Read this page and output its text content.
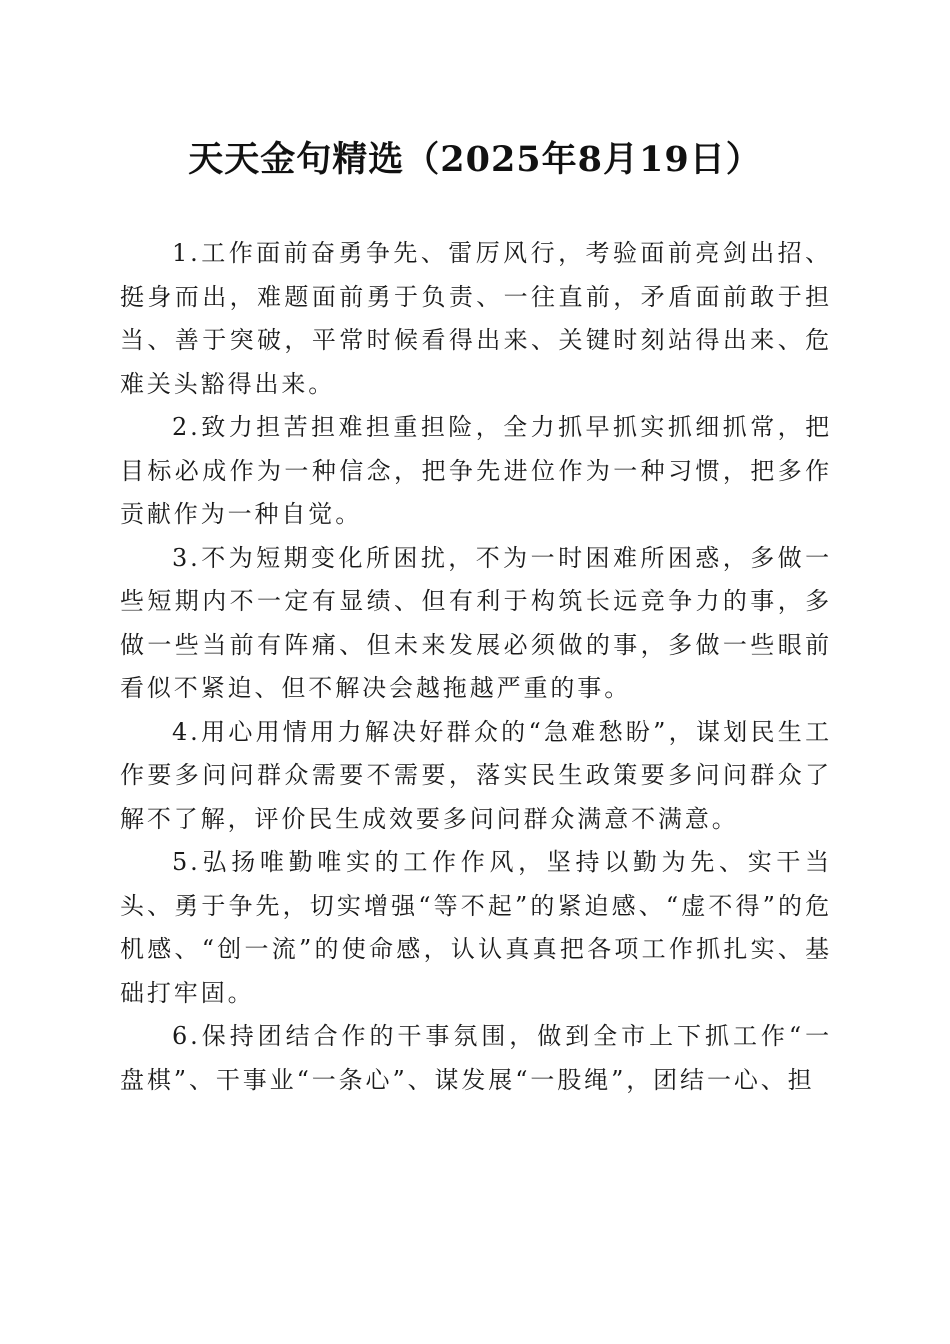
天天金句精选（2025年8月19日）

1.工作面前奋勇争先、雷厉风行，考验面前亮剑出招、挺身而出，难题面前勇于负责、一往直前，矛盾面前敢于担当、善于突破，平常时候看得出来、关键时刻站得出来、危难关头豁得出来。

2.致力担苦担难担重担险，全力抓早抓实抓细抓常，把目标必成作为一种信念，把争先进位作为一种习惯，把多作贡献作为一种自觉。

3.不为短期变化所困扰，不为一时困难所困惑，多做一些短期内不一定有显绩、但有利于构筑长远竞争力的事，多做一些当前有阵痛、但未来发展必须做的事，多做一些眼前看似不紧迫、但不解决会越拖越严重的事。

4.用心用情用力解决好群众的“急难愁盼”，谋划民生工作要多问问群众需要不需要，落实民生政策要多问问群众了解不了解，评价民生成效要多问问群众满意不满意。

5.弘扬唯勤唯实的工作作风，坚持以勤为先、实干当头、勇于争先，切实增强“等不起”的紧迫感、“虚不得”的危机感、“创一流”的使命感，认认真真把各项工作抓扎实、基础打牢固。

6.保持团结合作的干事氛围，做到全市上下抓工作“一盘棋”、干事业“一条心”、谋发展“一股绳”，团结一心、担
